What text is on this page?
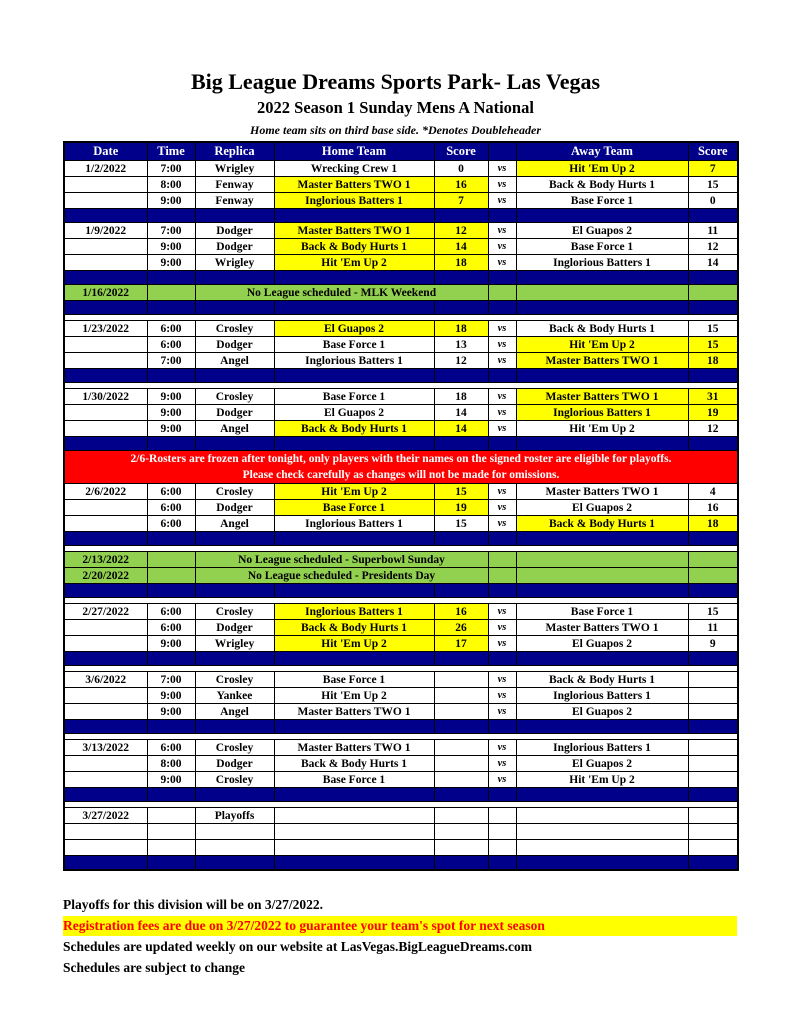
Big League Dreams Sports Park- Las Vegas
2022 Season 1 Sunday Mens A National
Home team sits on third base side. *Denotes Doubleheader
Date	Time	Replica	Home Team	Score		Away Team	Score
1/2/2022	7:00	Wrigley	Wrecking Crew 1	0	vs	Hit 'Em Up 2	7
	8:00	Fenway	Master Batters TWO 1	16	vs	Back & Body Hurts 1	15
	9:00	Fenway	Inglorious Batters 1	7	vs	Base Force 1	0

1/9/2022	7:00	Dodger	Master Batters TWO 1	12	vs	El Guapos 2	11
	9:00	Dodger	Back & Body Hurts 1	14	vs	Base Force 1	12
	9:00	Wrigley	Hit 'Em Up 2	18	vs	Inglorious Batters 1	14

1/16/2022		No League scheduled - MLK Weekend					

1/23/2022	6:00	Crosley	El Guapos 2	18	vs	Back & Body Hurts 1	15
	6:00	Dodger	Base Force 1	13	vs	Hit 'Em Up 2	15
	7:00	Angel	Inglorious Batters 1	12	vs	Master Batters TWO 1	18

1/30/2022	9:00	Crosley	Base Force 1	18	vs	Master Batters TWO 1	31
	9:00	Dodger	El Guapos 2	14	vs	Inglorious Batters 1	19
	9:00	Angel	Back & Body Hurts 1	14	vs	Hit 'Em Up 2	12

2/6-Rosters are frozen after tonight, only players with their names on the signed roster are eligible for playoffs.
Please check carefully as changes will not be made for omissions.							

2/6/2022	6:00	Crosley	Hit 'Em Up 2	15	vs	Master Batters TWO 1	4
	6:00	Dodger	Base Force 1	19	vs	El Guapos 2	16
	6:00	Angel	Inglorious Batters 1	15	vs	Back & Body Hurts 1	18

2/13/2022		No League scheduled - Superbowl Sunday					
2/20/2022		No League scheduled - Presidents Day					

2/27/2022	6:00	Crosley	Inglorious Batters 1	16	vs	Base Force 1	15
	6:00	Dodger	Back & Body Hurts 1	26	vs	Master Batters TWO 1	11
	9:00	Wrigley	Hit 'Em Up 2	17	vs	El Guapos 2	9

3/6/2022	7:00	Crosley	Base Force 1		vs	Back & Body Hurts 1	
	9:00	Yankee	Hit 'Em Up 2		vs	Inglorious Batters 1	
	9:00	Angel	Master Batters TWO 1		vs	El Guapos 2	

3/13/2022	6:00	Crosley	Master Batters TWO 1		vs	Inglorious Batters 1	
	8:00	Dodger	Back & Body Hurts 1		vs	El Guapos 2	
	9:00	Crosley	Base Force 1		vs	Hit 'Em Up 2	

3/27/2022		Playoffs					

Playoffs for this division will be on 3/27/2022.
Registration fees are due on 3/27/2022 to guarantee your team's spot for next season
Schedules are updated weekly on our website at LasVegas.BigLeagueDreams.com
Schedules are subject to change
